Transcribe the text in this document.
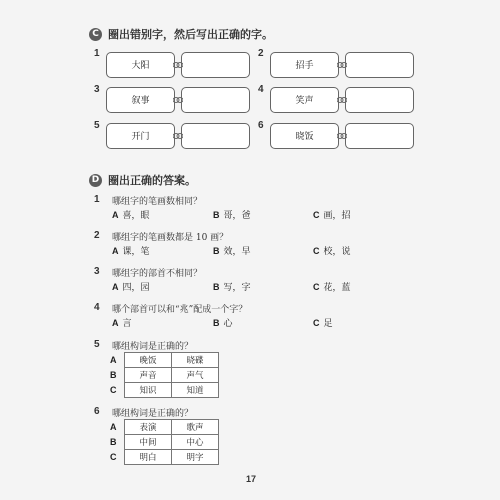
C 圈出错别字，然后写出正确的字。
1
大阳
2
招手
3
叙事
4
笑声
5
开门
6
晓饭
D 圈出正确的答案。
1 哪组字的笔画数相同？
A 喜，眼	B 哥，爸	C 画，招
2 哪组字的笔画数都是 10 画？
A 课，笔	B 效，早	C 校，说
3 哪组字的部首不相同？
A 四，园	B 写，字	C 花，蓝
4 哪个部首可以和“兆”配成一个字？
A 言	B 心	C 足
5 哪组构词是正确的？
A	晚饭	晓碟
B	声音	声气
C	知识	知道
6 哪组构词是正确的？
A	表演	歌声
B	中间	中心
C	明白	明字
17
